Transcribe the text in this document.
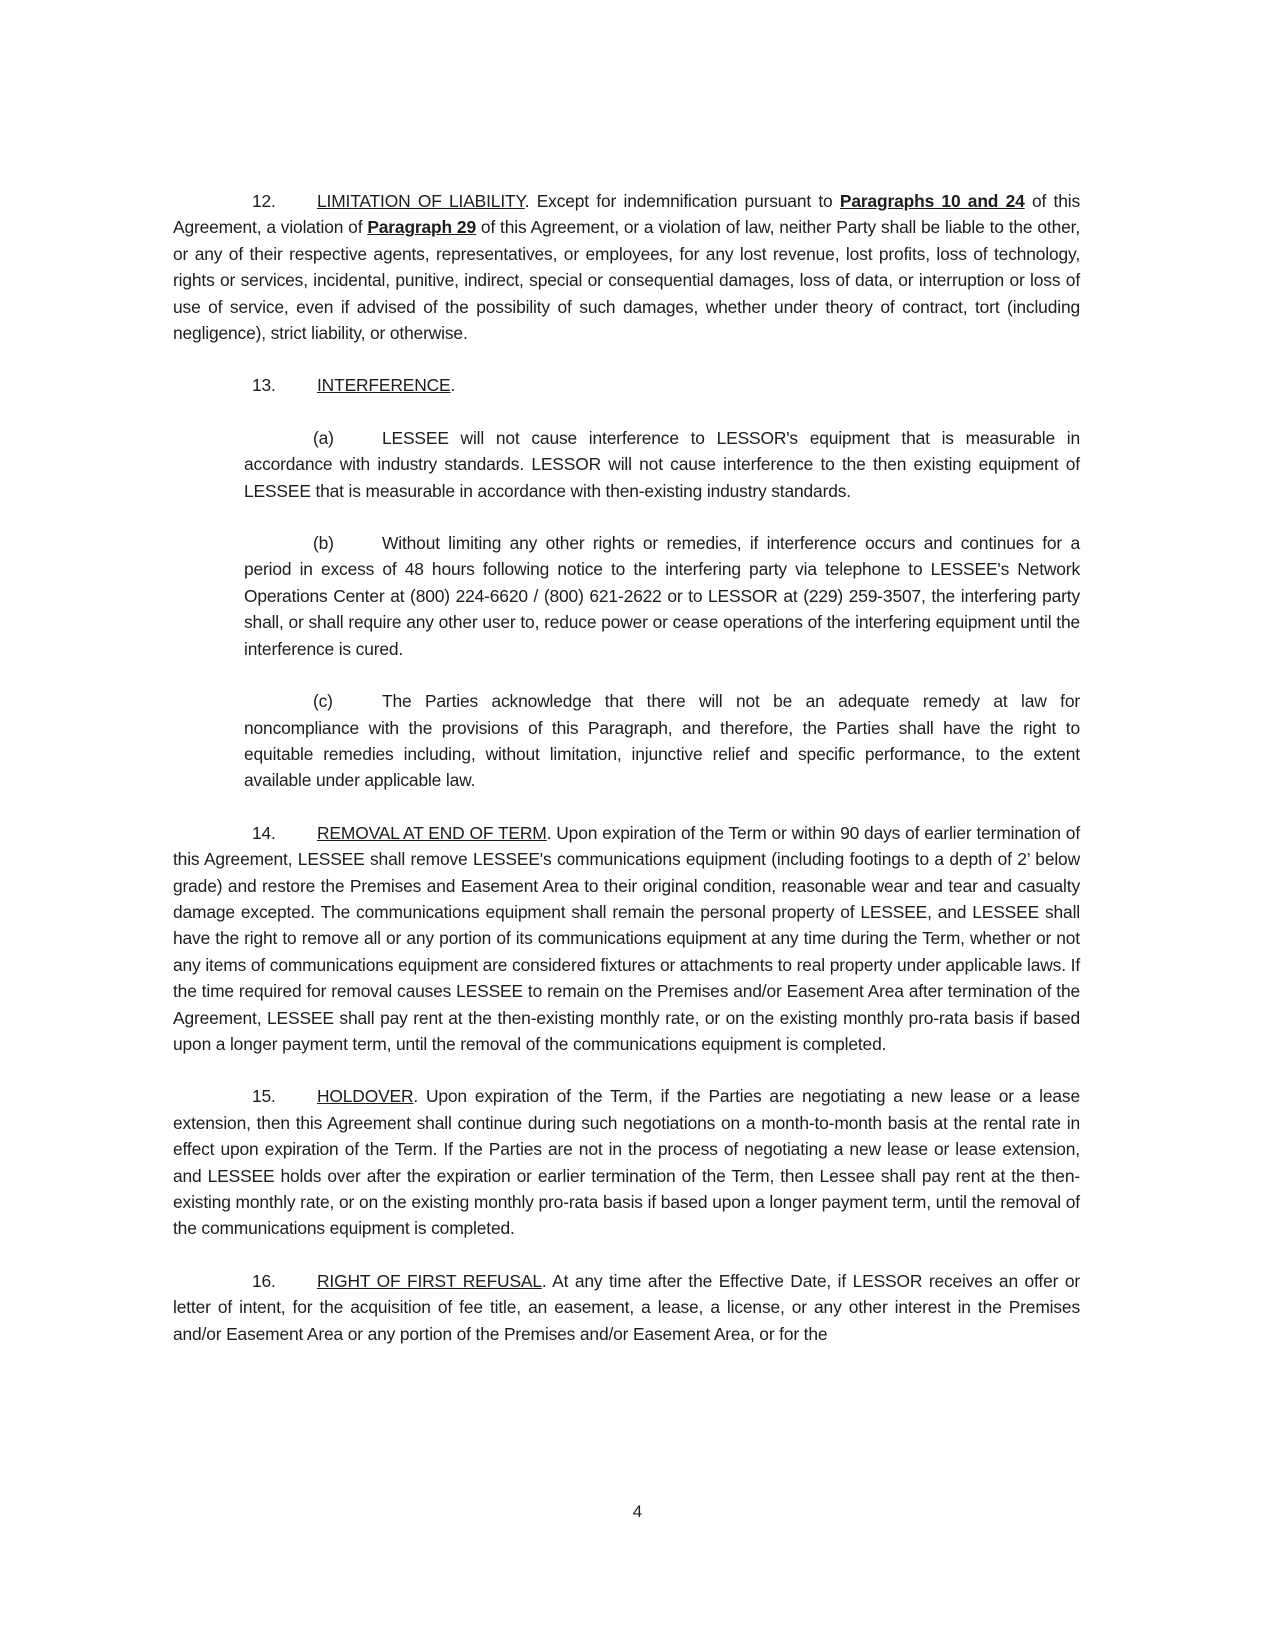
12. LIMITATION OF LIABILITY. Except for indemnification pursuant to Paragraphs 10 and 24 of this Agreement, a violation of Paragraph 29 of this Agreement, or a violation of law, neither Party shall be liable to the other, or any of their respective agents, representatives, or employees, for any lost revenue, lost profits, loss of technology, rights or services, incidental, punitive, indirect, special or consequential damages, loss of data, or interruption or loss of use of service, even if advised of the possibility of such damages, whether under theory of contract, tort (including negligence), strict liability, or otherwise.

13. INTERFERENCE.

(a)	LESSEE will not cause interference to LESSOR's equipment that is measurable in accordance with industry standards. LESSOR will not cause interference to the then existing equipment of LESSEE that is measurable in accordance with then-existing industry standards.

(b)	Without limiting any other rights or remedies, if interference occurs and continues for a period in excess of 48 hours following notice to the interfering party via telephone to LESSEE's Network Operations Center at (800) 224-6620 / (800) 621-2622 or to LESSOR at (229) 259-3507, the interfering party shall, or shall require any other user to, reduce power or cease operations of the interfering equipment until the interference is cured.

(c)	The Parties acknowledge that there will not be an adequate remedy at law for noncompliance with the provisions of this Paragraph, and therefore, the Parties shall have the right to equitable remedies including, without limitation, injunctive relief and specific performance, to the extent available under applicable law.

14. REMOVAL AT END OF TERM. Upon expiration of the Term or within 90 days of earlier termination of this Agreement, LESSEE shall remove LESSEE's communications equipment (including footings to a depth of 2’ below grade) and restore the Premises and Easement Area to their original condition, reasonable wear and tear and casualty damage excepted. The communications equipment shall remain the personal property of LESSEE, and LESSEE shall have the right to remove all or any portion of its communications equipment at any time during the Term, whether or not any items of communications equipment are considered fixtures or attachments to real property under applicable laws. If the time required for removal causes LESSEE to remain on the Premises and/or Easement Area after termination of the Agreement, LESSEE shall pay rent at the then-existing monthly rate, or on the existing monthly pro-rata basis if based upon a longer payment term, until the removal of the communications equipment is completed.

15. HOLDOVER. Upon expiration of the Term, if the Parties are negotiating a new lease or a lease extension, then this Agreement shall continue during such negotiations on a month-to-month basis at the rental rate in effect upon expiration of the Term. If the Parties are not in the process of negotiating a new lease or lease extension, and LESSEE holds over after the expiration or earlier termination of the Term, then Lessee shall pay rent at the then-existing monthly rate, or on the existing monthly pro-rata basis if based upon a longer payment term, until the removal of the communications equipment is completed.

16. RIGHT OF FIRST REFUSAL. At any time after the Effective Date, if LESSOR receives an offer or letter of intent, for the acquisition of fee title, an easement, a lease, a license, or any other interest in the Premises and/or Easement Area or any portion of the Premises and/or Easement Area, or for the

4
